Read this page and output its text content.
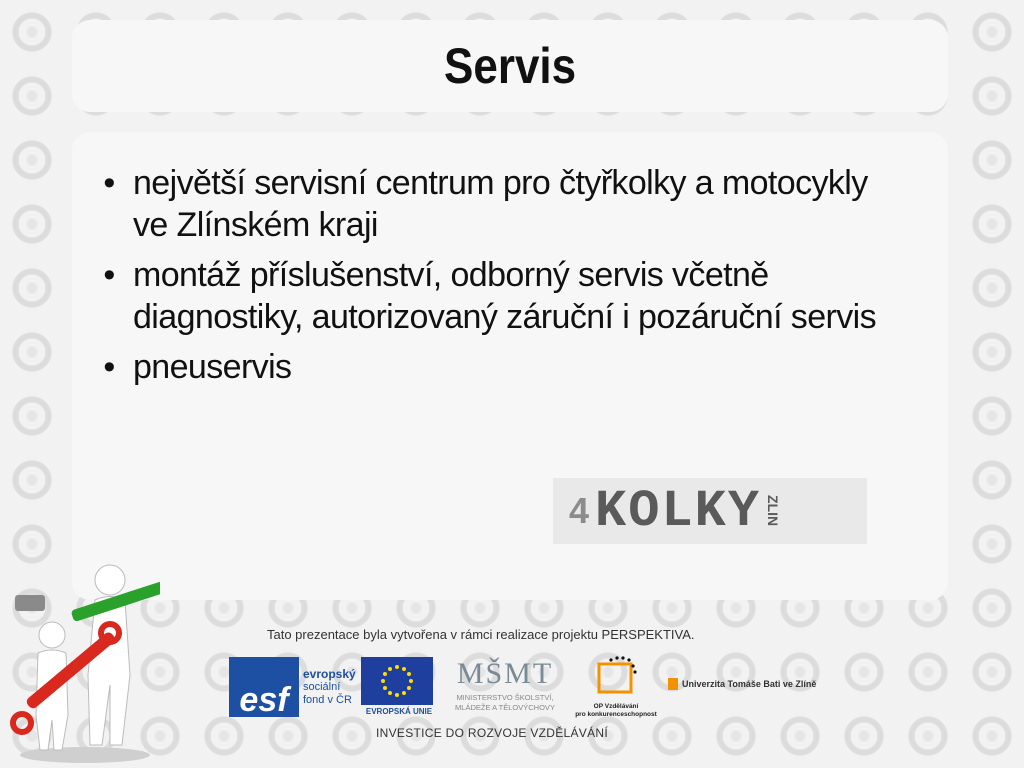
Servis
• největší servisní centrum pro čtyřkolky a motocykly ve Zlínském kraji
• montáž příslušenství, odborný servis včetně diagnostiky, autorizovaný záruční i pozáruční servis
• pneuservis
4 KOLKY ZLIN
Tato prezentace byla vytvořena v rámci realizace projektu PERSPEKTIVA.
esf
evropský
sociální
fond v ČR
EVROPSKÁ UNIE
MŠMT
MINISTERSTVO ŠKOLSTVÍ,
MLÁDEŽE A TĚLOVÝCHOVY	OP Vzdělávání
pro konkurenceschopnost
Univerzita Tomáše Bati ve Zlíně
INVESTICE DO ROZVOJE VZDĚLÁVÁNÍ
